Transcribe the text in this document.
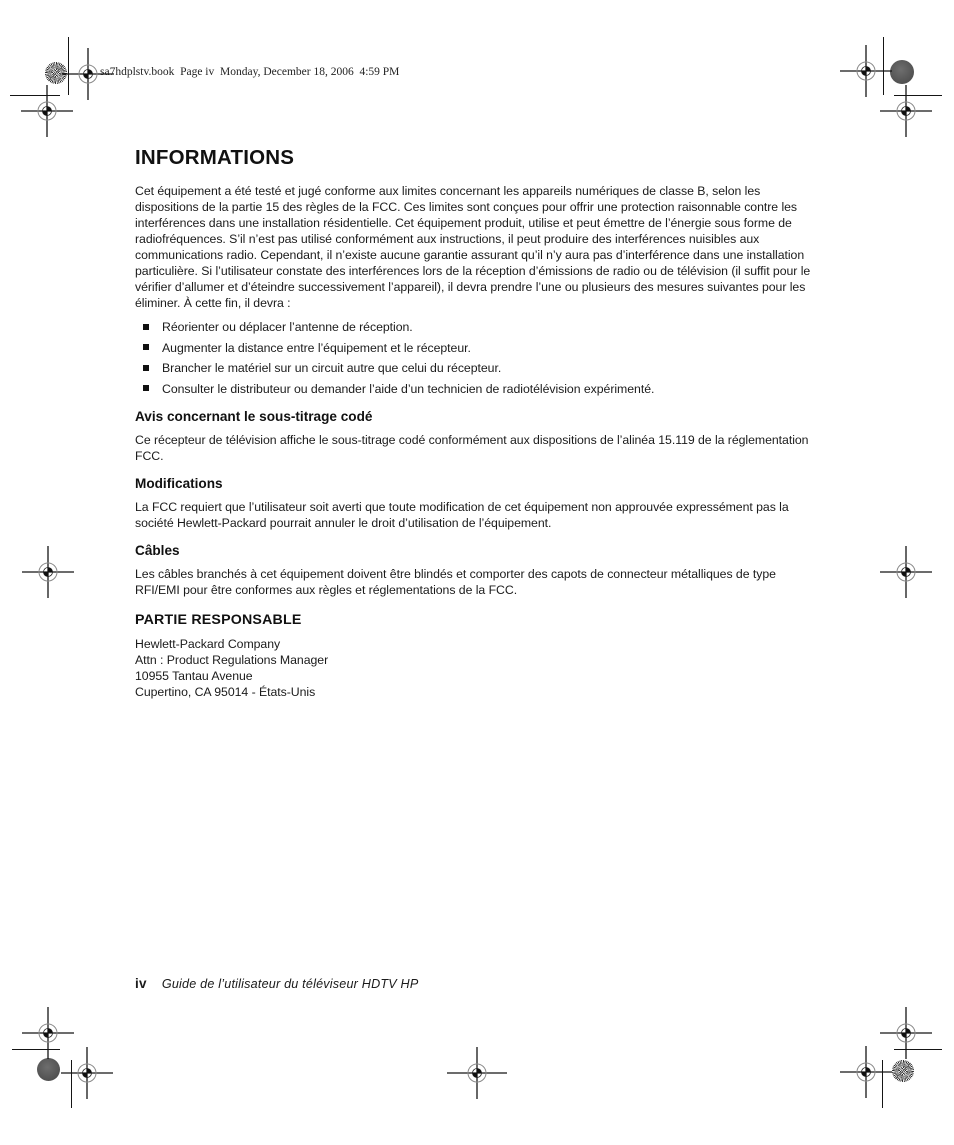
sa7hdplstv.book  Page iv  Monday, December 18, 2006  4:59 PM
INFORMATIONS

Cet équipement a été testé et jugé conforme aux limites concernant les appareils numériques de classe B, selon les dispositions de la partie 15 des règles de la FCC. Ces limites sont conçues pour offrir une protection raisonnable contre les interférences dans une installation résidentielle. Cet équipement produit, utilise et peut émettre de l’énergie sous forme de radiofréquences. S’il n’est pas utilisé conformément aux instructions, il peut produire des interférences nuisibles aux communications radio. Cependant, il n’existe aucune garantie assurant qu’il n’y aura pas d’interférence dans une installation particulière. Si l’utilisateur constate des interférences lors de la réception d’émissions de radio ou de télévision (il suffit pour le vérifier d’allumer et d’éteindre successivement l’appareil), il devra prendre l’une ou plusieurs des mesures suivantes pour les éliminer. À cette fin, il devra :

Réorienter ou déplacer l’antenne de réception.
Augmenter la distance entre l’équipement et le récepteur.
Brancher le matériel sur un circuit autre que celui du récepteur.
Consulter le distributeur ou demander l’aide d’un technicien de radiotélévision expérimenté.
Avis concernant le sous-titrage codé

Ce récepteur de télévision affiche le sous-titrage codé conformément aux dispositions de l’alinéa 15.119 de la réglementation FCC.

Modifications

La FCC requiert que l’utilisateur soit averti que toute modification de cet équipement non approuvée expressément pas la société Hewlett-Packard pourrait annuler le droit d’utilisation de l’équipement.

Câbles

Les câbles branchés à cet équipement doivent être blindés et comporter des capots de connecteur métalliques de type RFI/EMI pour être conformes aux règles et réglementations de la FCC.

PARTIE RESPONSABLE
Hewlett-Packard Company
Attn : Product Regulations Manager
10955 Tantau Avenue
Cupertino, CA 95014 - États-Unis
iv Guide de l’utilisateur du téléviseur HDTV HP
